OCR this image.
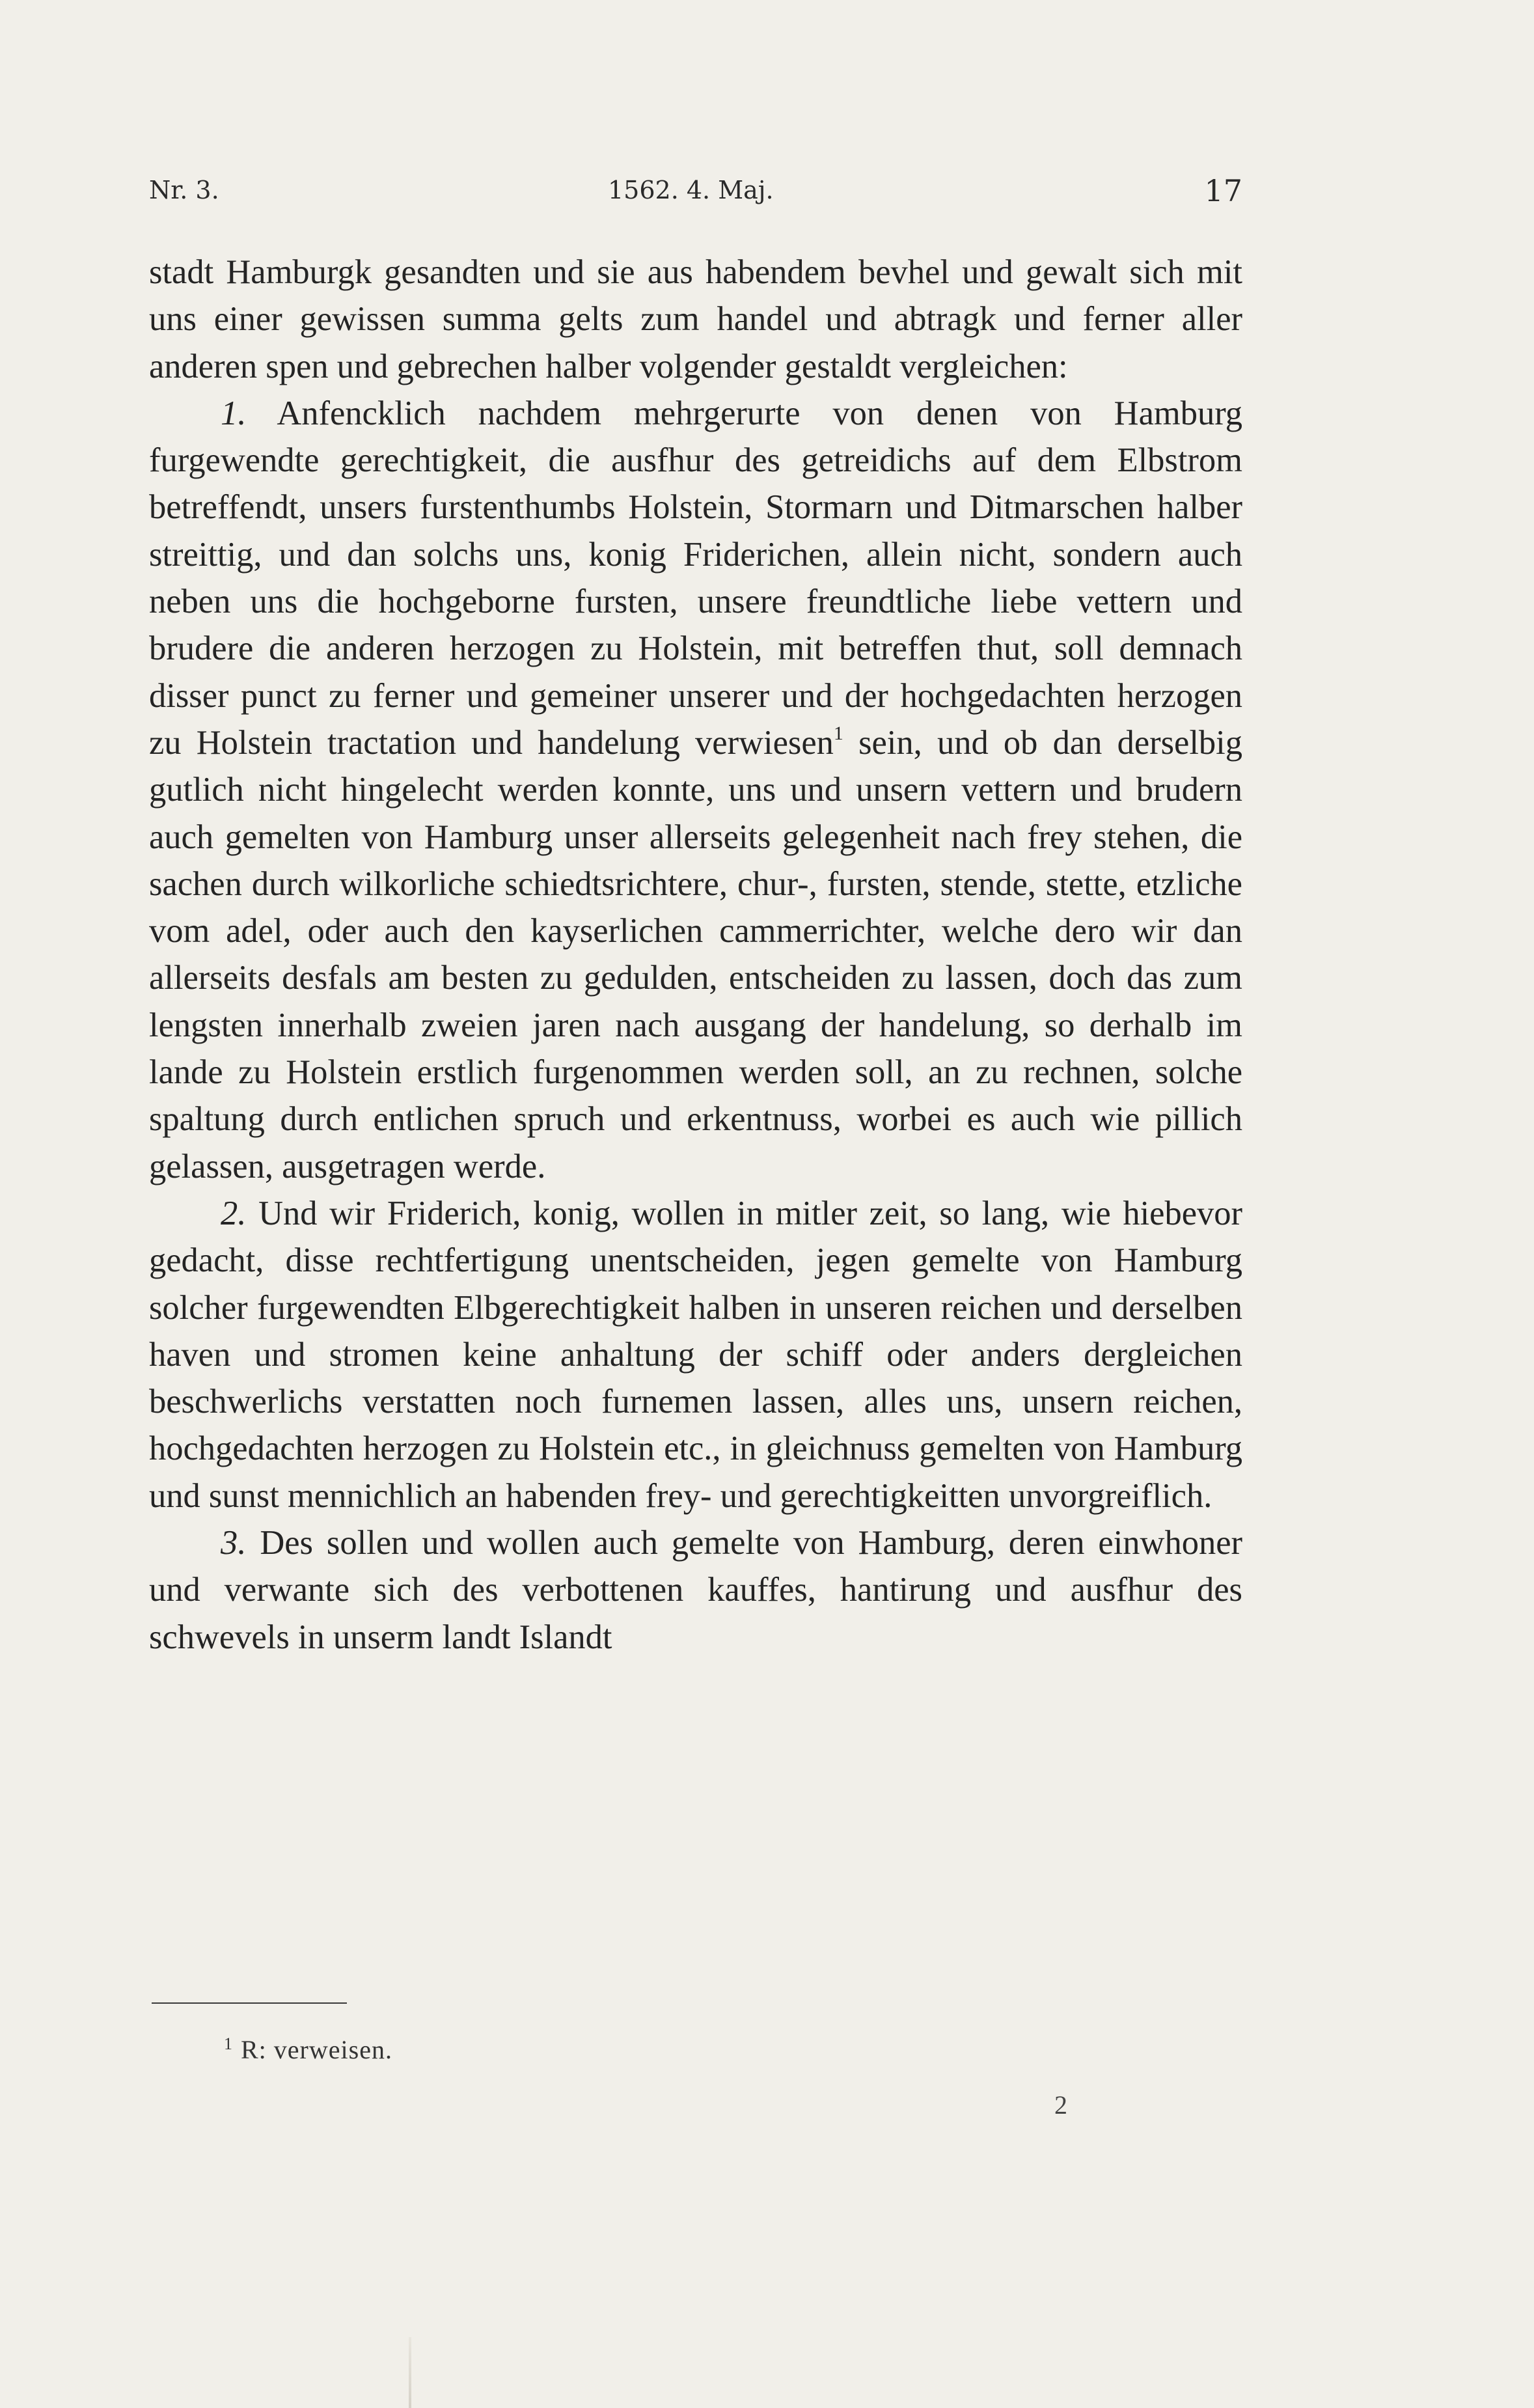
Nr. 3.	1562. 4. Maj.	17

stadt Hamburgk gesandten und sie aus habendem bevhel und gewalt sich mit uns einer gewissen summa gelts zum handel und abtragk und ferner aller anderen spen und gebrechen halber volgender gestaldt vergleichen:

1. Anfencklich nachdem mehrgerurte von denen von Hamburg furgewendte gerechtigkeit, die ausfhur des getreidichs auf dem Elbstrom betreffendt, unsers furstenthumbs Holstein, Stormarn und Ditmarschen halber streittig, und dan solchs uns, konig Friderichen, allein nicht, sondern auch neben uns die hochgeborne fursten, unsere freundtliche liebe vettern und brudere die anderen herzogen zu Holstein, mit betreffen thut, soll demnach disser punct zu ferner und gemeiner unserer und der hochgedachten herzogen zu Holstein tractation und handelung verwiesen$^1$ sein, und ob dan derselbig gutlich nicht hingelecht werden konnte, uns und unsern vettern und brudern auch gemelten von Hamburg unser allerseits gelegenheit nach frey stehen, die sachen durch wilkorliche schiedtsrichtere, chur-, fursten, stende, stette, etzliche vom adel, oder auch den kayserlichen cammerrichter, welche dero wir dan allerseits desfals am besten zu gedulden, entscheiden zu lassen, doch das zum lengsten innerhalb zweien jaren nach ausgang der handelung, so derhalb im lande zu Holstein erstlich furgenommen werden soll, an zu rechnen, solche spaltung durch entlichen spruch und erkentnuss, worbei es auch wie pillich gelassen, ausgetragen werde.

2. Und wir Friderich, konig, wollen in mitler zeit, so lang, wie hiebevor gedacht, disse rechtfertigung unentscheiden, jegen gemelte von Hamburg solcher furgewendten Elbgerechtigkeit halben in unseren reichen und derselben haven und stromen keine anhaltung der schiff oder anders dergleichen beschwerlichs verstatten noch furnemen lassen, alles uns, unsern reichen, hochgedachten herzogen zu Holstein etc., in gleichnuss gemelten von Hamburg und sunst mennichlich an habenden frey- und gerechtigkeitten unvorgreiflich.

3. Des sollen und wollen auch gemelte von Hamburg, deren einwhoner und verwante sich des verbottenen kauffes, hantirung und ausfhur des schwevels in unserm landt Islandt

$^1$ R: verweisen.
2
